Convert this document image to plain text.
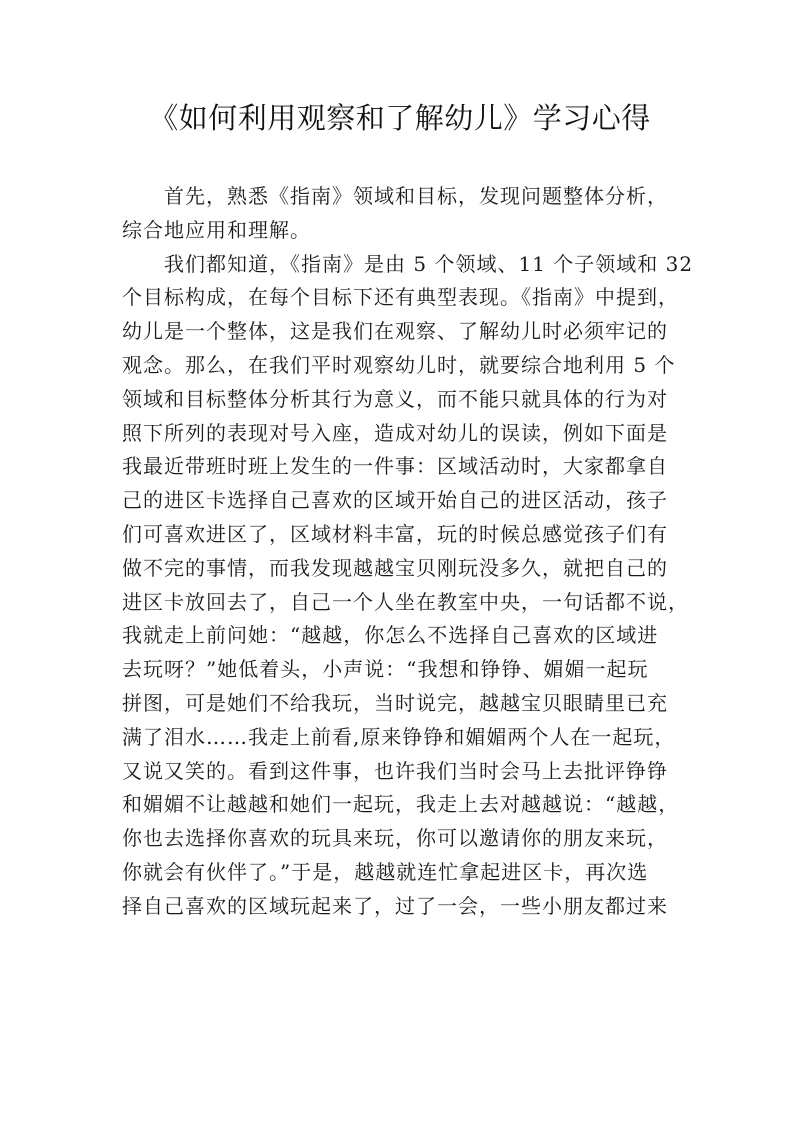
《如何利用观察和了解幼儿》学习心得
首先，熟悉《指南》领域和目标，发现问题整体分析，
综合地应用和理解。
我们都知道，《指南》是由 5 个领域、11 个子领域和 32
个目标构成，在每个目标下还有典型表现。《指南》中提到，
幼儿是一个整体，这是我们在观察、了解幼儿时必须牢记的
观念。那么，在我们平时观察幼儿时，就要综合地利用 5 个
领域和目标整体分析其行为意义，而不能只就具体的行为对
照下所列的表现对号入座，造成对幼儿的误读，例如下面是
我最近带班时班上发生的一件事：区域活动时，大家都拿自
己的进区卡选择自己喜欢的区域开始自己的进区活动，孩子
们可喜欢进区了，区域材料丰富，玩的时候总感觉孩子们有
做不完的事情，而我发现越越宝贝刚玩没多久，就把自己的
进区卡放回去了，自己一个人坐在教室中央，一句话都不说，
我就走上前问她：“越越，你怎么不选择自己喜欢的区域进
去玩呀？”她低着头，小声说：“我想和铮铮、媚媚一起玩
拼图，可是她们不给我玩，当时说完，越越宝贝眼睛里已充
满了泪水……我走上前看,原来铮铮和媚媚两个人在一起玩，
又说又笑的。看到这件事，也许我们当时会马上去批评铮铮
和媚媚不让越越和她们一起玩，我走上去对越越说：“越越，
你也去选择你喜欢的玩具来玩，你可以邀请你的朋友来玩，
你就会有伙伴了。”于是，越越就连忙拿起进区卡，再次选
择自己喜欢的区域玩起来了，过了一会，一些小朋友都过来
